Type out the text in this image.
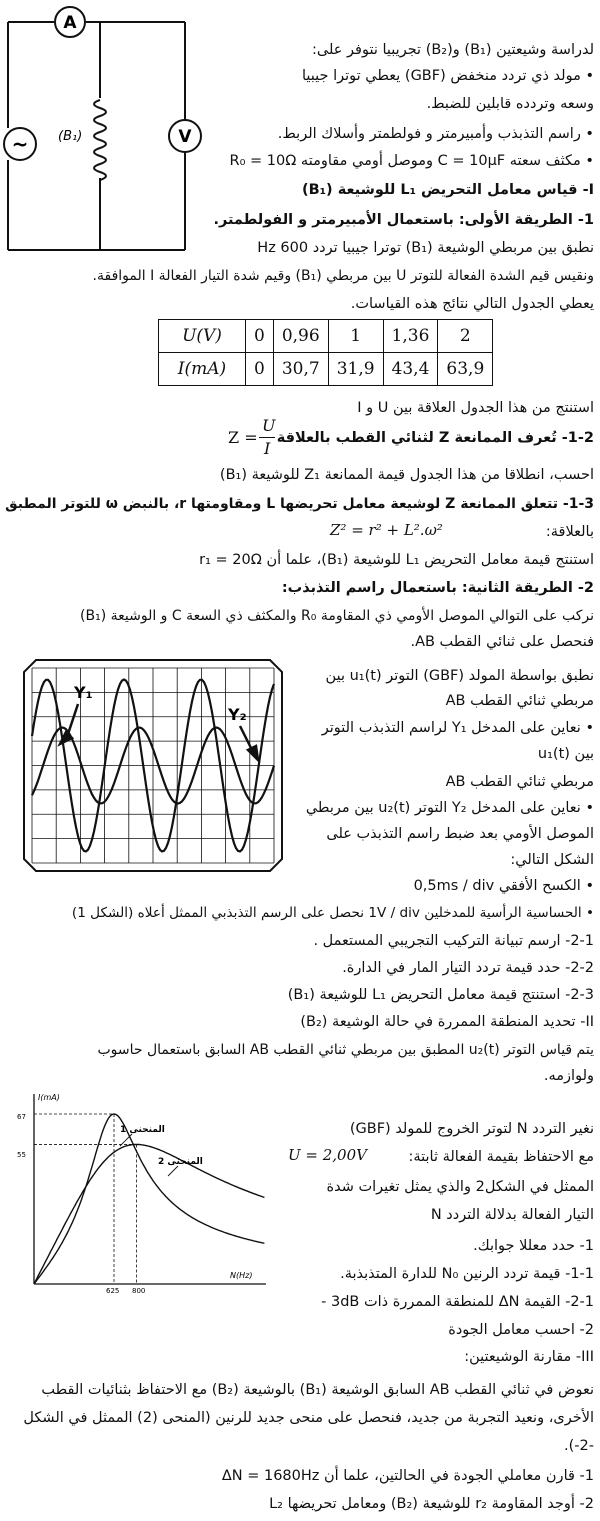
A
~	V
(B₁)
لدراسة وشيعتين (B₁) و(B₂) تجريبيا نتوفر على:
• مولد ذي تردد منخفض (GBF) يعطي توترا جيبيا
وسعه وتردده قابلين للضبط.
• راسم التذبذب وأمبيرمتر و فولطمتر وأسلاك الربط.
• مكثف سعته C = 10μF وموصل أومي مقاومته R₀ = 10Ω
I- قياس معامل التحريض L₁ للوشيعة (B₁)
1- الطريقة الأولى: باستعمال الأمبيرمتر و الفولطمتر.
نطبق بين مربطي الوشيعة (B₁) توترا جيبيا تردد 600 Hz
ونقيس قيم الشدة الفعالة للتوتر U بين مربطي (B₁) وقيم شدة التيار الفعالة I الموافقة.
يعطي الجدول التالي نتائج هذه القياسات.
U(V)	0	0,96	1	1,36	2
I(mA)	0	30,7	31,9	43,4	63,9
استنتج من هذا الجدول العلاقة بين U و I
1-2- تُعرف الممانعة Z لثنائي القطب بالعلاقة
Z =
U
I
احسب، انطلاقا من هذا الجدول قيمة الممانعة Z₁ للوشيعة (B₁)
1-3- تتعلق الممانعة Z لوشيعة معامل تحريضها L ومقاومتها r، بالنبض ω للتوتر المطبق
بالعلاقة:
Z² = r² + L².ω²
استنتج قيمة معامل التحريض L₁ للوشيعة (B₁)، علما أن r₁ = 20Ω
2- الطريقة الثانية: باستعمال راسم التذبذب:
نركب على التوالي الموصل الأومي ذي المقاومة R₀ والمكثف ذي السعة C و الوشيعة (B₁)
فنحصل على ثنائي القطب AB.
Y₁
Y₂
نطبق بواسطة المولد (GBF) التوتر u₁(t) بين
مربطي ثنائي القطب AB
• نعاين على المدخل Y₁ لراسم التذبذب التوتر
بين u₁(t)
مربطي ثنائي القطب AB
• نعاين على المدخل Y₂ التوتر u₂(t) بين مربطي
الموصل الأومي بعد ضبط راسم التذبذب على
الشكل التالي:
• الكسح الأفقي 0,5ms / div
• الحساسية الرأسية للمدخلين 1V / div نحصل على الرسم التذبذبي الممثل أعلاه (الشكل 1)
2-1- ارسم تبيانة التركيب التجريبي المستعمل .
2-2- حدد قيمة تردد التيار المار في الدارة.
2-3- استنتج قيمة معامل التحريض L₁ للوشيعة (B₁)
II- تحديد المنطقة الممررة في حالة الوشيعة (B₂)
يتم قياس التوتر u₂(t) المطبق بين مربطي ثنائي القطب AB السابق باستعمال حاسوب
ولوازمه.
I(mA)
N(Hz)
67
55
625 800
المنحنى 1
المنحنى 2
نغير التردد N لتوتر الخروج للمولد (GBF)
مع الاحتفاظ بقيمة الفعالة ثابتة:
U = 2,00V
الممثل في الشكل2 والذي يمثل تغيرات شدة
التيار الفعالة بدلالة التردد N
1- حدد معللا جوابك.
1-1- قيمة تردد الرنين N₀ للدارة المتذبذبة.
2-1- القيمة ΔN للمنطقة الممررة ذات 3dB -
2- احسب معامل الجودة
III- مقارنة الوشيعتين:
نعوض في ثنائي القطب AB السابق الوشيعة (B₁) بالوشيعة (B₂) مع الاحتفاظ بثنائيات القطب الأخرى، ونعيد التجربة من جديد، فنحصل على منحى جديد للرنين (المنحى (2) الممثل في الشكل -2-).
1- قارن معاملي الجودة في الحالتين، علما أن ΔN = 1680Hz
2- أوجد المقاومة r₂ للوشيعة (B₂) ومعامل تحريضها L₂
